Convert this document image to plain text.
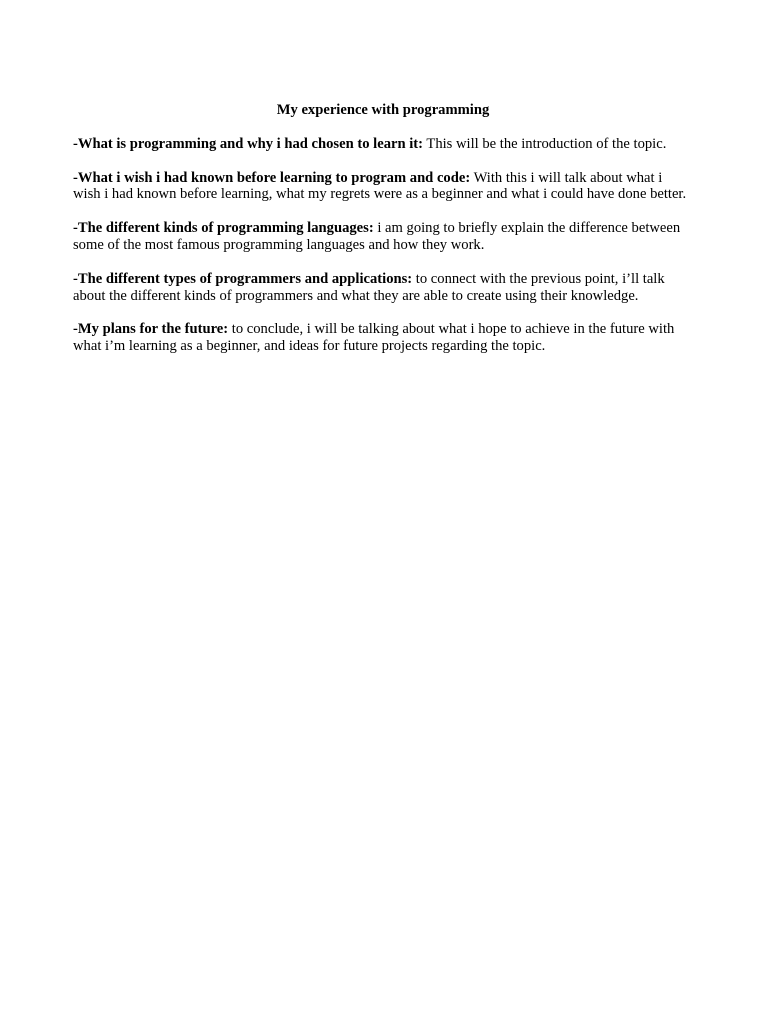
My experience with programming

-What is programming and why i had chosen to learn it: This will be the introduction of the topic.

-What i wish i had known before learning to program and code: With this i will talk about what i wish i had known before learning, what my regrets were as a beginner and what i could have done better.

-The different kinds of programming languages: i am going to briefly explain the difference between some of the most famous programming languages and how they work.

-The different types of programmers and applications: to connect with the previous point, i’ll talk about the different kinds of programmers and what they are able to create using their knowledge.

-My plans for the future: to conclude, i will be talking about what i hope to achieve in the future with what i’m learning as a beginner, and ideas for future projects regarding the topic.
